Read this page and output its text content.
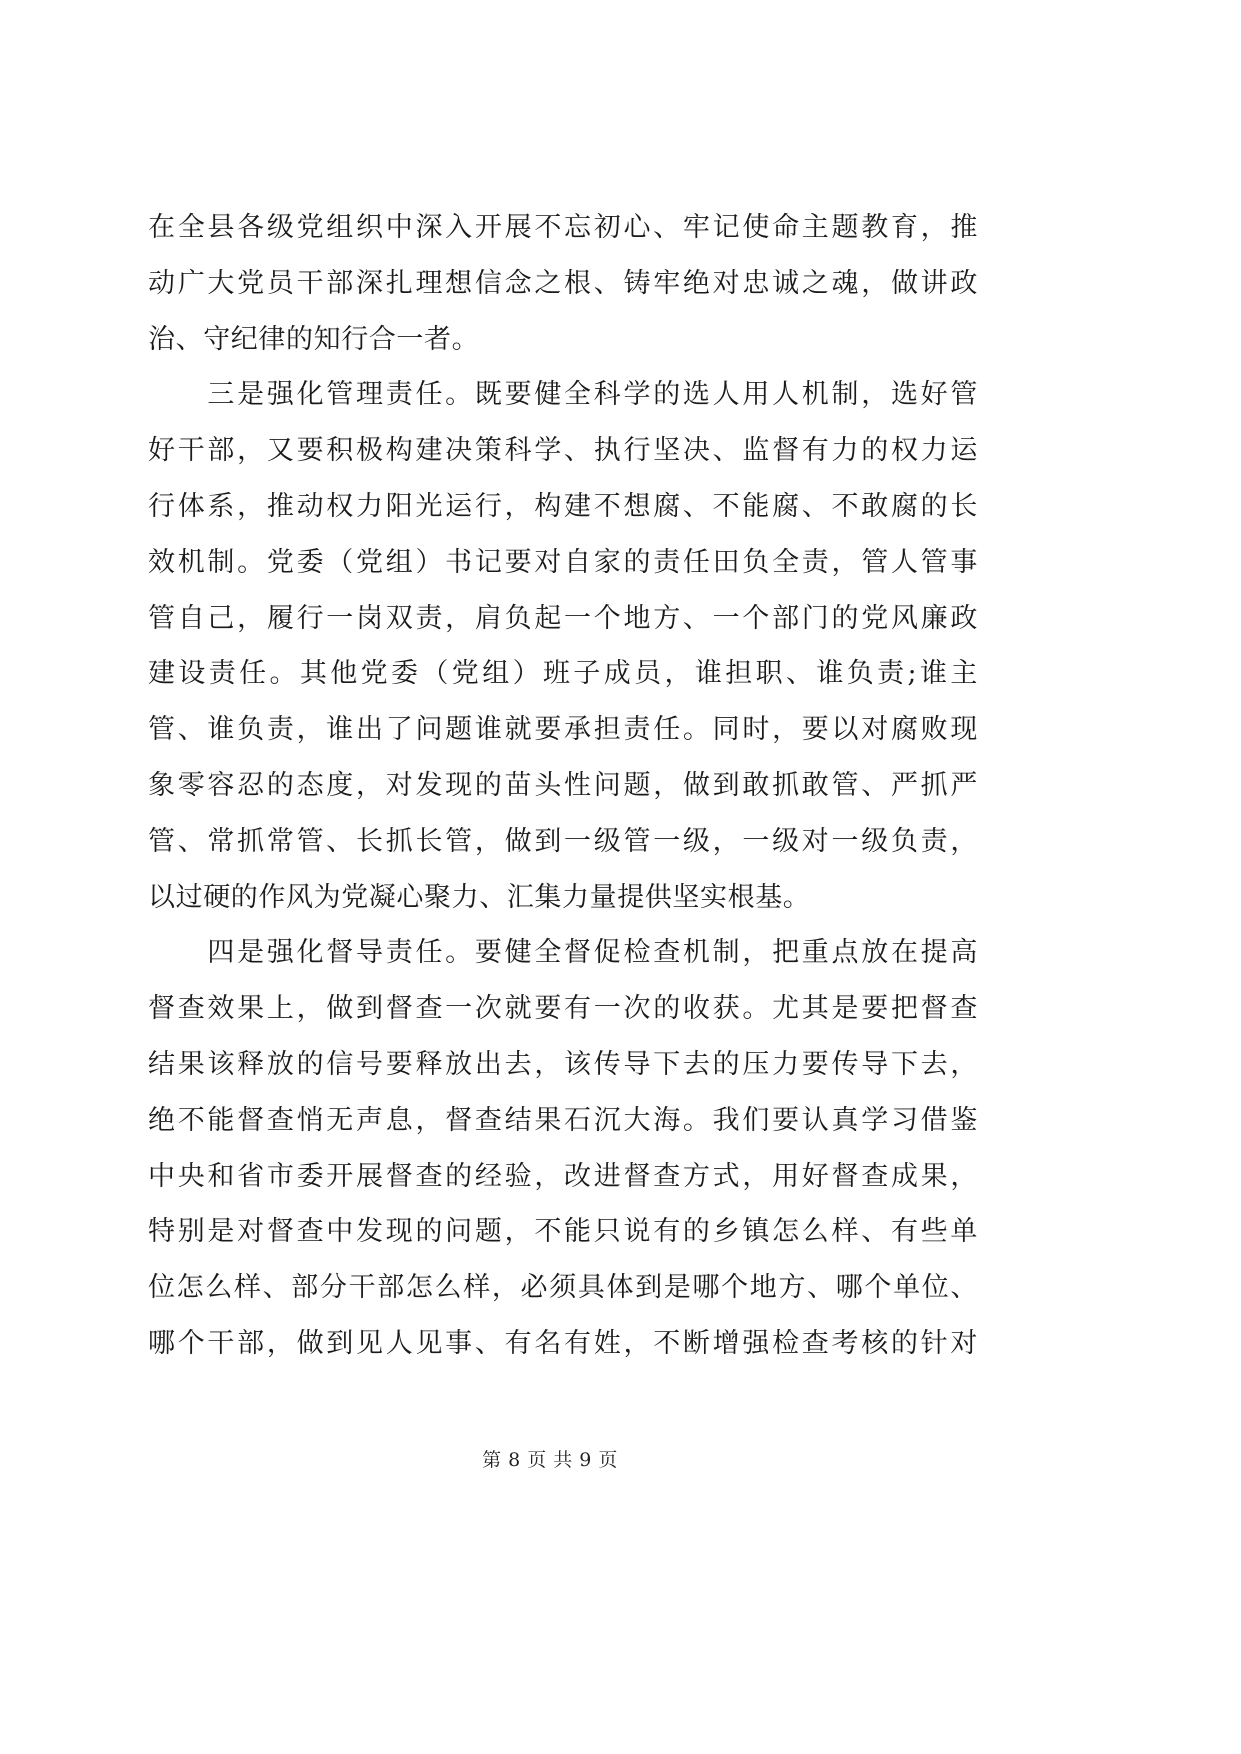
在全县各级党组织中深入开展不忘初心、牢记使命主题教育，推
动广大党员干部深扎理想信念之根、铸牢绝对忠诚之魂，做讲政
治、守纪律的知行合一者。
　　三是强化管理责任。既要健全科学的选人用人机制，选好管
好干部，又要积极构建决策科学、执行坚决、监督有力的权力运
行体系，推动权力阳光运行，构建不想腐、不能腐、不敢腐的长
效机制。党委（党组）书记要对自家的责任田负全责，管人管事
管自己，履行一岗双责，肩负起一个地方、一个部门的党风廉政
建设责任。其他党委（党组）班子成员，谁担职、谁负责;谁主
管、谁负责，谁出了问题谁就要承担责任。同时，要以对腐败现
象零容忍的态度，对发现的苗头性问题，做到敢抓敢管、严抓严
管、常抓常管、长抓长管，做到一级管一级，一级对一级负责，
以过硬的作风为党凝心聚力、汇集力量提供坚实根基。
　　四是强化督导责任。要健全督促检查机制，把重点放在提高
督查效果上，做到督查一次就要有一次的收获。尤其是要把督查
结果该释放的信号要释放出去，该传导下去的压力要传导下去，
绝不能督查悄无声息，督查结果石沉大海。我们要认真学习借鉴
中央和省市委开展督查的经验，改进督查方式，用好督查成果，
特别是对督查中发现的问题，不能只说有的乡镇怎么样、有些单
位怎么样、部分干部怎么样，必须具体到是哪个地方、哪个单位、
哪个干部，做到见人见事、有名有姓，不断增强检查考核的针对
第 8 页 共 9 页
